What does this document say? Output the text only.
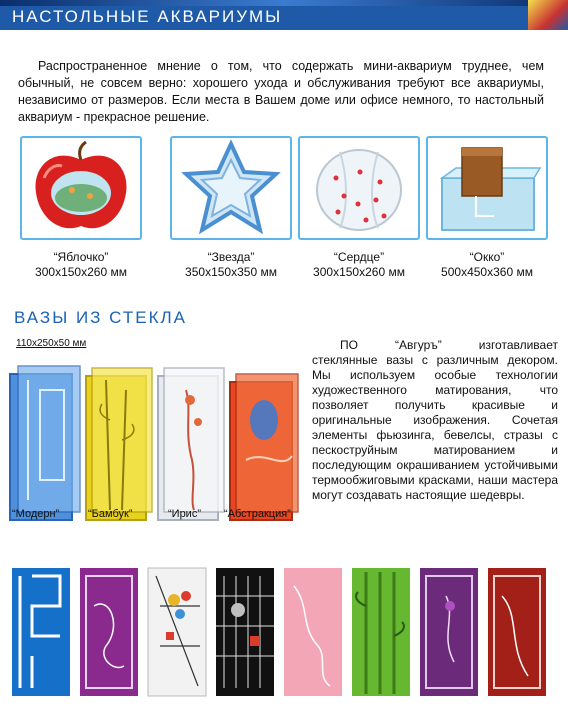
НАСТОЛЬНЫЕ АКВАРИУМЫ
Распространенное мнение о том, что содержать мини-аквариум труднее, чем обычный, не совсем верно: хорошего ухода и обслуживания требуют все аквариумы, независимо от размеров. Если места в Вашем доме или офисе немного, то настольный аквариум - прекрасное решение.
“Яблочко”
300x150x260 мм
“Звезда”
350x150x350 мм
“Сердце”
300x150x260 мм
“Окко”
500x450x360 мм
ВАЗЫ ИЗ СТЕКЛА
110x250x50 мм
“Модерн”	“Бамбук”	“Ирис” “Абстракция”
ПО “Авгуръ” изготавливает стеклянные вазы с различным декором. Мы используем особые технологии художественного матирования, что позволяет получить красивые и оригинальные изображения. Сочетая элементы фьюзинга, бевелсы, стразы с пескоструйным матированием и последующим окрашиванием устойчивыми термообжиговыми красками, наши мастера могут создавать настоящие шедевры.
